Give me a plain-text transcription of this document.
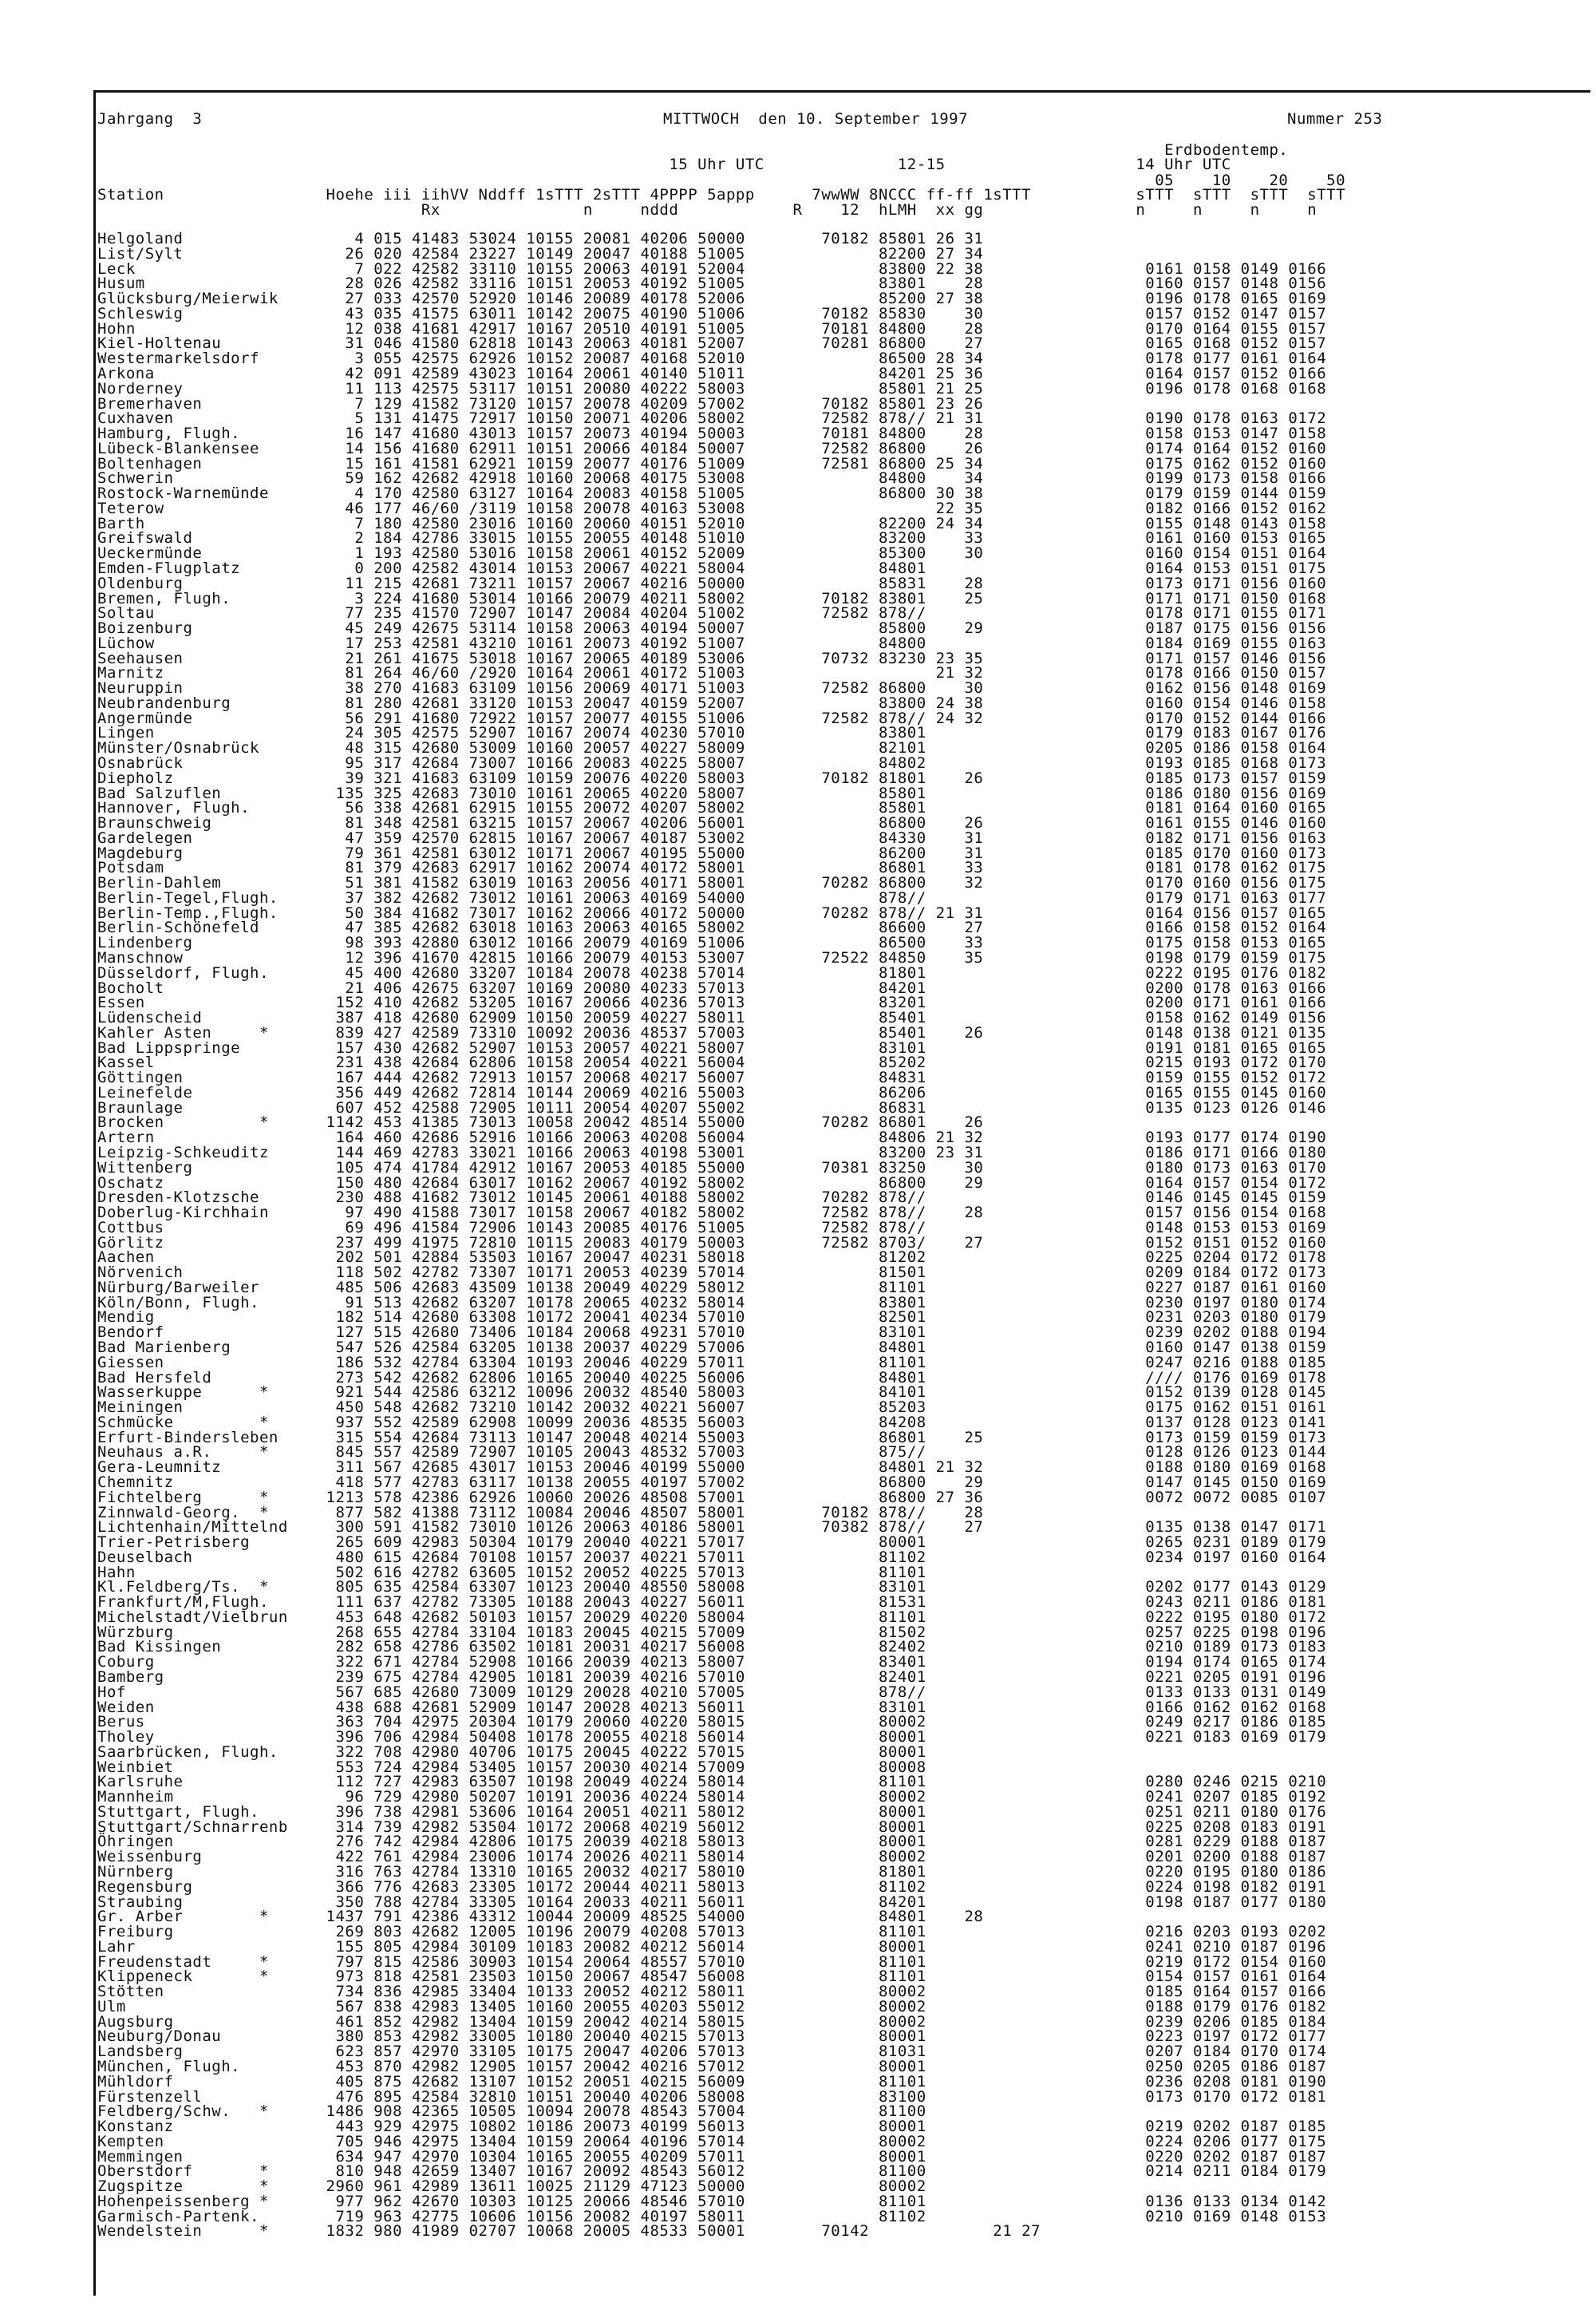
Jahrgang  3	MITTWOCH  den 10. September 1997	Nummer 253
Erdbodentemp.
15 Uhr UTC              12-15                    14 Uhr UTC
05    10    20    50
Station                 Hoehe iii iihVV Nddff 1sTTT 2sTTT 4PPPP 5appp      7wwWW 8NCCC ff-ff 1sTTT           sTTT  sTTT  sTTT  sTTT
Rx               n     nddd            R    12  hLMH  xx gg                n     n     n     n
Helgoland                  4 015 41483 53024 10155 20081 40206 50000        70182 85801 26 31
List/Sylt                 26 020 42584 23227 10149 20047 40188 51005              82200 27 34
Leck                       7 022 42582 33110 10155 20063 40191 52004              83800 22 38                 0161 0158 0149 0166
Husum                     28 026 42582 33116 10151 20053 40192 51005              83801    28                 0160 0157 0148 0156
Glücksburg/Meierwik       27 033 42570 52920 10146 20089 40178 52006              85200 27 38                 0196 0178 0165 0169
Schleswig                 43 035 41575 63011 10142 20075 40190 51006        70182 85830    30                 0157 0152 0147 0157
Hohn                      12 038 41681 42917 10167 20510 40191 51005        70181 84800    28                 0170 0164 0155 0157
Kiel-Holtenau             31 046 41580 62818 10143 20063 40181 52007        70281 86800    27                 0165 0168 0152 0157
Westermarkelsdorf          3 055 42575 62926 10152 20087 40168 52010              86500 28 34                 0178 0177 0161 0164
Arkona                    42 091 42589 43023 10164 20061 40140 51011              84201 25 36                 0164 0157 0152 0166
Norderney                 11 113 42575 53117 10151 20080 40222 58003              85801 21 25                 0196 0178 0168 0168
Bremerhaven                7 129 41582 73120 10157 20078 40209 57002        70182 85801 23 26
Cuxhaven                   5 131 41475 72917 10150 20071 40206 58002        72582 878// 21 31                 0190 0178 0163 0172
Hamburg, Flugh.           16 147 41680 43013 10157 20073 40194 50003        70181 84800    28                 0158 0153 0147 0158
Lübeck-Blankensee         14 156 41680 62911 10151 20066 40184 50007        72582 86800    26                 0174 0164 0152 0160
Boltenhagen               15 161 41581 62921 10159 20077 40176 51009        72581 86800 25 34                 0175 0162 0152 0160
Schwerin                  59 162 42682 42918 10160 20068 40175 53008              84800    34                 0199 0173 0158 0166
Rostock-Warnemünde         4 170 42580 63127 10164 20083 40158 51005              86800 30 38                 0179 0159 0144 0159
Teterow                   46 177 46/60 /3119 10158 20078 40163 53008                    22 35                 0182 0166 0152 0162
Barth                      7 180 42580 23016 10160 20060 40151 52010              82200 24 34                 0155 0148 0143 0158
Greifswald                 2 184 42786 33015 10155 20055 40148 51010              83200    33                 0161 0160 0153 0165
Ueckermünde                1 193 42580 53016 10158 20061 40152 52009              85300    30                 0160 0154 0151 0164
Emden-Flugplatz            0 200 42582 43014 10153 20067 40221 58004              84801                       0164 0153 0151 0175
Oldenburg                 11 215 42681 73211 10157 20067 40216 50000              85831    28                 0173 0171 0156 0160
Bremen, Flugh.             3 224 41680 53014 10166 20079 40211 58002        70182 83801    25                 0171 0171 0150 0168
Soltau                    77 235 41570 72907 10147 20084 40204 51002        72582 878//                       0178 0171 0155 0171
Boizenburg                45 249 42675 53114 10158 20063 40194 50007              85800    29                 0187 0175 0156 0156
Lüchow                    17 253 42581 43210 10161 20073 40192 51007              84800                       0184 0169 0155 0163
Seehausen                 21 261 41675 53018 10167 20065 40189 53006        70732 83230 23 35                 0171 0157 0146 0156
Marnitz                   81 264 46/60 /2920 10164 20061 40172 51003                    21 32                 0178 0166 0150 0157
Neuruppin                 38 270 41683 63109 10156 20069 40171 51003        72582 86800    30                 0162 0156 0148 0169
Neubrandenburg            81 280 42681 33120 10153 20047 40159 52007              83800 24 38                 0160 0154 0146 0158
Angermünde                56 291 41680 72922 10157 20077 40155 51006        72582 878// 24 32                 0170 0152 0144 0166
Lingen                    24 305 42575 52907 10167 20074 40230 57010              83801                       0179 0183 0167 0176
Münster/Osnabrück         48 315 42680 53009 10160 20057 40227 58009              82101                       0205 0186 0158 0164
Osnabrück                 95 317 42684 73007 10166 20083 40225 58007              84802                       0193 0185 0168 0173
Diepholz                  39 321 41683 63109 10159 20076 40220 58003        70182 81801    26                 0185 0173 0157 0159
Bad Salzuflen            135 325 42683 73010 10161 20065 40220 58007              85801                       0186 0180 0156 0169
Hannover, Flugh.          56 338 42681 62915 10155 20072 40207 58002              85801                       0181 0164 0160 0165
Braunschweig              81 348 42581 63215 10157 20067 40206 56001              86800    26                 0161 0155 0146 0160
Gardelegen                47 359 42570 62815 10167 20067 40187 53002              84330    31                 0182 0171 0156 0163
Magdeburg                 79 361 42581 63012 10171 20067 40195 55000              86200    31                 0185 0170 0160 0173
Potsdam                   81 379 42683 62917 10162 20074 40172 58001              86801    33                 0181 0178 0162 0175
Berlin-Dahlem             51 381 41582 63019 10163 20056 40171 58001        70282 86800    32                 0170 0160 0156 0175
Berlin-Tegel,Flugh.       37 382 42682 73012 10161 20063 40169 54000              878//                       0179 0171 0163 0177
Berlin-Temp.,Flugh.       50 384 41682 73017 10162 20066 40172 50000        70282 878// 21 31                 0164 0156 0157 0165
Berlin-Schönefeld         47 385 42682 63018 10163 20063 40165 58002              86600    27                 0166 0158 0152 0164
Lindenberg                98 393 42880 63012 10166 20079 40169 51006              86500    33                 0175 0158 0153 0165
Manschnow                 12 396 41670 42815 10166 20079 40153 53007        72522 84850    35                 0198 0179 0159 0175
Düsseldorf, Flugh.        45 400 42680 33207 10184 20078 40238 57014              81801                       0222 0195 0176 0182
Bocholt                   21 406 42675 63207 10169 20080 40233 57013              84201                       0200 0178 0163 0166
Essen                    152 410 42682 53205 10167 20066 40236 57013              83201                       0200 0171 0161 0166
Lüdenscheid              387 418 42680 62909 10150 20059 40227 58011              85401                       0158 0162 0149 0156
Kahler Asten     *       839 427 42589 73310 10092 20036 48537 57003              85401    26                 0148 0138 0121 0135
Bad Lippspringe          157 430 42682 52907 10153 20057 40221 58007              83101                       0191 0181 0165 0165
Kassel                   231 438 42684 62806 10158 20054 40221 56004              85202                       0215 0193 0172 0170
Göttingen                167 444 42682 72913 10157 20068 40217 56007              84831                       0159 0155 0152 0172
Leinefelde               356 449 42682 72814 10144 20069 40216 55003              86206                       0165 0155 0145 0160
Braunlage                607 452 42588 72905 10111 20054 40207 55002              86831                       0135 0123 0126 0146
Brocken          *      1142 453 41385 73013 10058 20042 48514 55000        70282 86801    26
Artern                   164 460 42686 52916 10166 20063 40208 56004              84806 21 32                 0193 0177 0174 0190
Leipzig-Schkeuditz       144 469 42783 33021 10166 20063 40198 53001              83200 23 31                 0186 0171 0166 0180
Wittenberg               105 474 41784 42912 10167 20053 40185 55000        70381 83250    30                 0180 0173 0163 0170
Oschatz                  150 480 42684 63017 10162 20067 40192 58002              86800    29                 0164 0157 0154 0172
Dresden-Klotzsche        230 488 41682 73012 10145 20061 40188 58002        70282 878//                       0146 0145 0145 0159
Doberlug-Kirchhain        97 490 41588 73017 10158 20067 40182 58002        72582 878//    28                 0157 0156 0154 0168
Cottbus                   69 496 41584 72906 10143 20085 40176 51005        72582 878//                       0148 0153 0153 0169
Görlitz                  237 499 41975 72810 10115 20083 40179 50003        72582 8703/    27                 0152 0151 0152 0160
Aachen                   202 501 42884 53503 10167 20047 40231 58018              81202                       0225 0204 0172 0178
Nörvenich                118 502 42782 73307 10171 20053 40239 57014              81501                       0209 0184 0172 0173
Nürburg/Barweiler        485 506 42683 43509 10138 20049 40229 58012              81101                       0227 0187 0161 0160
Köln/Bonn, Flugh.         91 513 42682 63207 10178 20065 40232 58014              83801                       0230 0197 0180 0174
Mendig                   182 514 42680 63308 10172 20041 40234 57010              82501                       0231 0203 0180 0179
Bendorf                  127 515 42680 73406 10184 20068 49231 57010              83101                       0239 0202 0188 0194
Bad Marienberg           547 526 42584 63205 10138 20037 40229 57006              84801                       0160 0147 0138 0159
Giessen                  186 532 42784 63304 10193 20046 40229 57011              81101                       0247 0216 0188 0185
Bad Hersfeld             273 542 42682 62806 10165 20040 40225 56006              84801                       //// 0176 0169 0178
Wasserkuppe      *       921 544 42586 63212 10096 20032 48540 58003              84101                       0152 0139 0128 0145
Meiningen                450 548 42682 73210 10142 20032 40221 56007              85203                       0175 0162 0151 0161
Schmücke         *       937 552 42589 62908 10099 20036 48535 56003              84208                       0137 0128 0123 0141
Erfurt-Bindersleben      315 554 42684 73113 10147 20048 40214 55003              86801    25                 0173 0159 0159 0173
Neuhaus a.R.     *       845 557 42589 72907 10105 20043 48532 57003              875//                       0128 0126 0123 0144
Gera-Leumnitz            311 567 42685 43017 10153 20046 40199 55000              84801 21 32                 0188 0180 0169 0168
Chemnitz                 418 577 42783 63117 10138 20055 40197 57002              86800    29                 0147 0145 0150 0169
Fichtelberg      *      1213 578 42386 62926 10060 20026 48508 57001              86800 27 36                 0072 0072 0085 0107
Zinnwald-Georg.  *       877 582 41388 73112 10084 20046 48507 58001        70182 878//    28
Lichtenhain/Mittelnd     300 591 41582 73010 10126 20063 40186 58001        70382 878//    27                 0135 0138 0147 0171
Trier-Petrisberg         265 609 42983 50304 10179 20040 40221 57017              80001                       0265 0231 0189 0179
Deuselbach               480 615 42684 70108 10157 20037 40221 57011              81102                       0234 0197 0160 0164
Hahn                     502 616 42782 63605 10152 20052 40225 57013              81101
Kl.Feldberg/Ts.  *       805 635 42584 63307 10123 20040 48550 58008              83101                       0202 0177 0143 0129
Frankfurt/M,Flugh.       111 637 42782 73305 10188 20043 40227 56011              81531                       0243 0211 0186 0181
Michelstadt/Vielbrun     453 648 42682 50103 10157 20029 40220 58004              81101                       0222 0195 0180 0172
Würzburg                 268 655 42784 33104 10183 20045 40215 57009              81502                       0257 0225 0198 0196
Bad Kissingen            282 658 42786 63502 10181 20031 40217 56008              82402                       0210 0189 0173 0183
Coburg                   322 671 42784 52908 10166 20039 40213 58007              83401                       0194 0174 0165 0174
Bamberg                  239 675 42784 42905 10181 20039 40216 57010              82401                       0221 0205 0191 0196
Hof                      567 685 42680 73009 10129 20028 40210 57005              878//                       0133 0133 0131 0149
Weiden                   438 688 42681 52909 10147 20028 40213 56011              83101                       0166 0162 0162 0168
Berus                    363 704 42975 20304 10179 20060 40220 58015              80002                       0249 0217 0186 0185
Tholey                   396 706 42984 50408 10178 20055 40218 56014              80001                       0221 0183 0169 0179
Saarbrücken, Flugh.      322 708 42980 40706 10175 20045 40222 57015              80001
Weinbiet                 553 724 42984 53405 10157 20030 40214 57009              80008
Karlsruhe                112 727 42983 63507 10198 20049 40224 58014              81101                       0280 0246 0215 0210
Mannheim                  96 729 42980 50207 10191 20036 40224 58014              80002                       0241 0207 0185 0192
Stuttgart, Flugh.        396 738 42981 53606 10164 20051 40211 58012              80001                       0251 0211 0180 0176
Stuttgart/Schnarrenb     314 739 42982 53504 10172 20068 40219 56012              80001                       0225 0208 0183 0191
Öhringen                 276 742 42984 42806 10175 20039 40218 58013              80001                       0281 0229 0188 0187
Weissenburg              422 761 42984 23006 10174 20026 40211 58014              80002                       0201 0200 0188 0187
Nürnberg                 316 763 42784 13310 10165 20032 40217 58010              81801                       0220 0195 0180 0186
Regensburg               366 776 42683 23305 10172 20044 40211 58013              81102                       0224 0198 0182 0191
Straubing                350 788 42784 33305 10164 20033 40211 56011              84201                       0198 0187 0177 0180
Gr. Arber        *      1437 791 42386 43312 10044 20009 48525 54000              84801    28
Freiburg                 269 803 42682 12005 10196 20079 40208 57013              81101                       0216 0203 0193 0202
Lahr                     155 805 42984 30109 10183 20082 40212 56014              80001                       0241 0210 0187 0196
Freudenstadt     *       797 815 42586 30903 10154 20064 48557 57010              81101                       0219 0172 0154 0160
Klippeneck       *       973 818 42581 23503 10150 20067 48547 56008              81101                       0154 0157 0161 0164
Stötten                  734 836 42985 33404 10133 20052 40212 58011              80002                       0185 0164 0157 0166
Ulm                      567 838 42983 13405 10160 20055 40203 55012              80002                       0188 0179 0176 0182
Augsburg                 461 852 42982 13404 10159 20042 40214 58015              80002                       0239 0206 0185 0184
Neuburg/Donau            380 853 42982 33005 10180 20040 40215 57013              80001                       0223 0197 0172 0177
Landsberg                623 857 42970 33105 10175 20047 40206 57013              81031                       0207 0184 0170 0174
München, Flugh.          453 870 42982 12905 10157 20042 40216 57012              80001                       0250 0205 0186 0187
Mühldorf                 405 875 42682 13107 10152 20051 40215 56009              81101                       0236 0208 0181 0190
Fürstenzell              476 895 42584 32810 10151 20040 40206 58008              83100                       0173 0170 0172 0181
Feldberg/Schw.   *      1486 908 42365 10505 10094 20078 48543 57004              81100
Konstanz                 443 929 42975 10802 10186 20073 40199 56013              80001                       0219 0202 0187 0185
Kempten                  705 946 42975 13404 10159 20064 40196 57014              80002                       0224 0206 0177 0175
Memmingen                634 947 42970 10304 10165 20055 40209 57011              80001                       0220 0202 0187 0187
Oberstdorf       *       810 948 42659 13407 10167 20092 48543 56012              81100                       0214 0211 0184 0179
Zugspitze        *      2960 961 42989 13611 10025 21129 47123 50000              80002
Hohenpeissenberg *       977 962 42670 10303 10125 20066 48546 57010              81101                       0136 0133 0134 0142
Garmisch-Partenk.        719 963 42775 10606 10156 20082 40197 58011              81102                       0210 0169 0148 0153
Wendelstein      *      1832 980 41989 02707 10068 20005 48533 50001        70142             21 27
